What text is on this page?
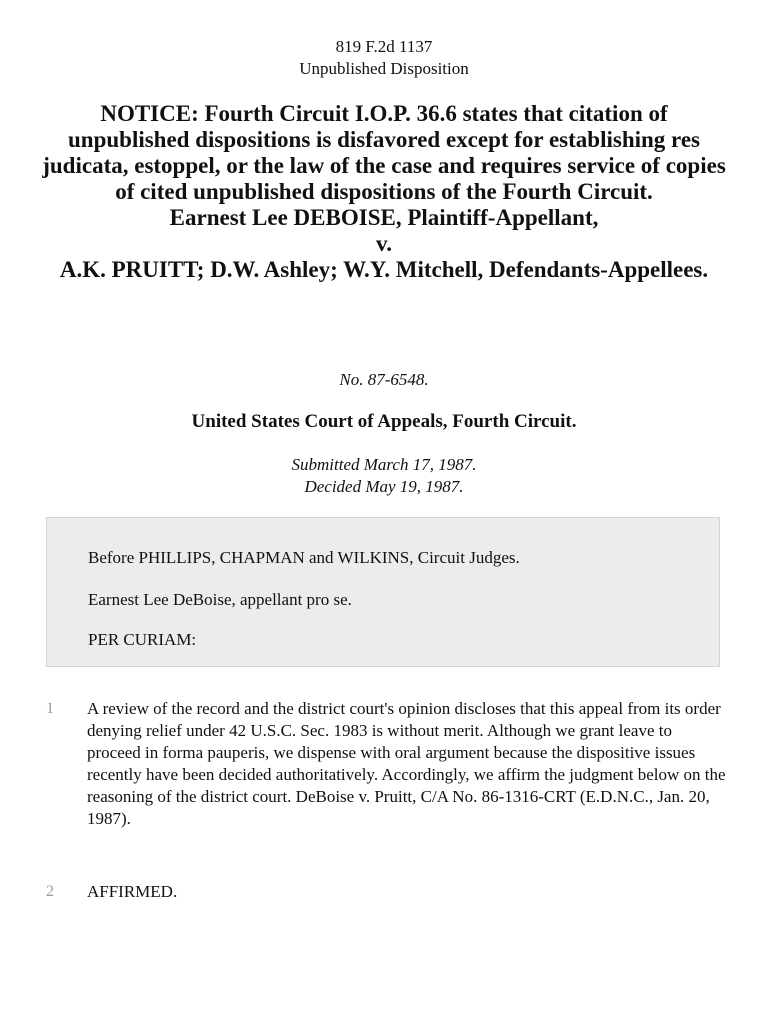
819 F.2d 1137
Unpublished Disposition
NOTICE: Fourth Circuit I.O.P. 36.6 states that citation of unpublished dispositions is disfavored except for establishing res judicata, estoppel, or the law of the case and requires service of copies of cited unpublished dispositions of the Fourth Circuit.
Earnest Lee DEBOISE, Plaintiff-Appellant,
v.
A.K. PRUITT; D.W. Ashley; W.Y. Mitchell, Defendants-Appellees.
No. 87-6548.
United States Court of Appeals, Fourth Circuit.
Submitted March 17, 1987.
Decided May 19, 1987.

Before PHILLIPS, CHAPMAN and WILKINS, Circuit Judges.

Earnest Lee DeBoise, appellant pro se.

PER CURIAM:

1 A review of the record and the district court's opinion discloses that this appeal from its order denying relief under 42 U.S.C. Sec. 1983 is without merit. Although we grant leave to proceed in forma pauperis, we dispense with oral argument because the dispositive issues recently have been decided authoritatively. Accordingly, we affirm the judgment below on the reasoning of the district court. DeBoise v. Pruitt, C/A No. 86-1316-CRT (E.D.N.C., Jan. 20, 1987).
2 AFFIRMED.
